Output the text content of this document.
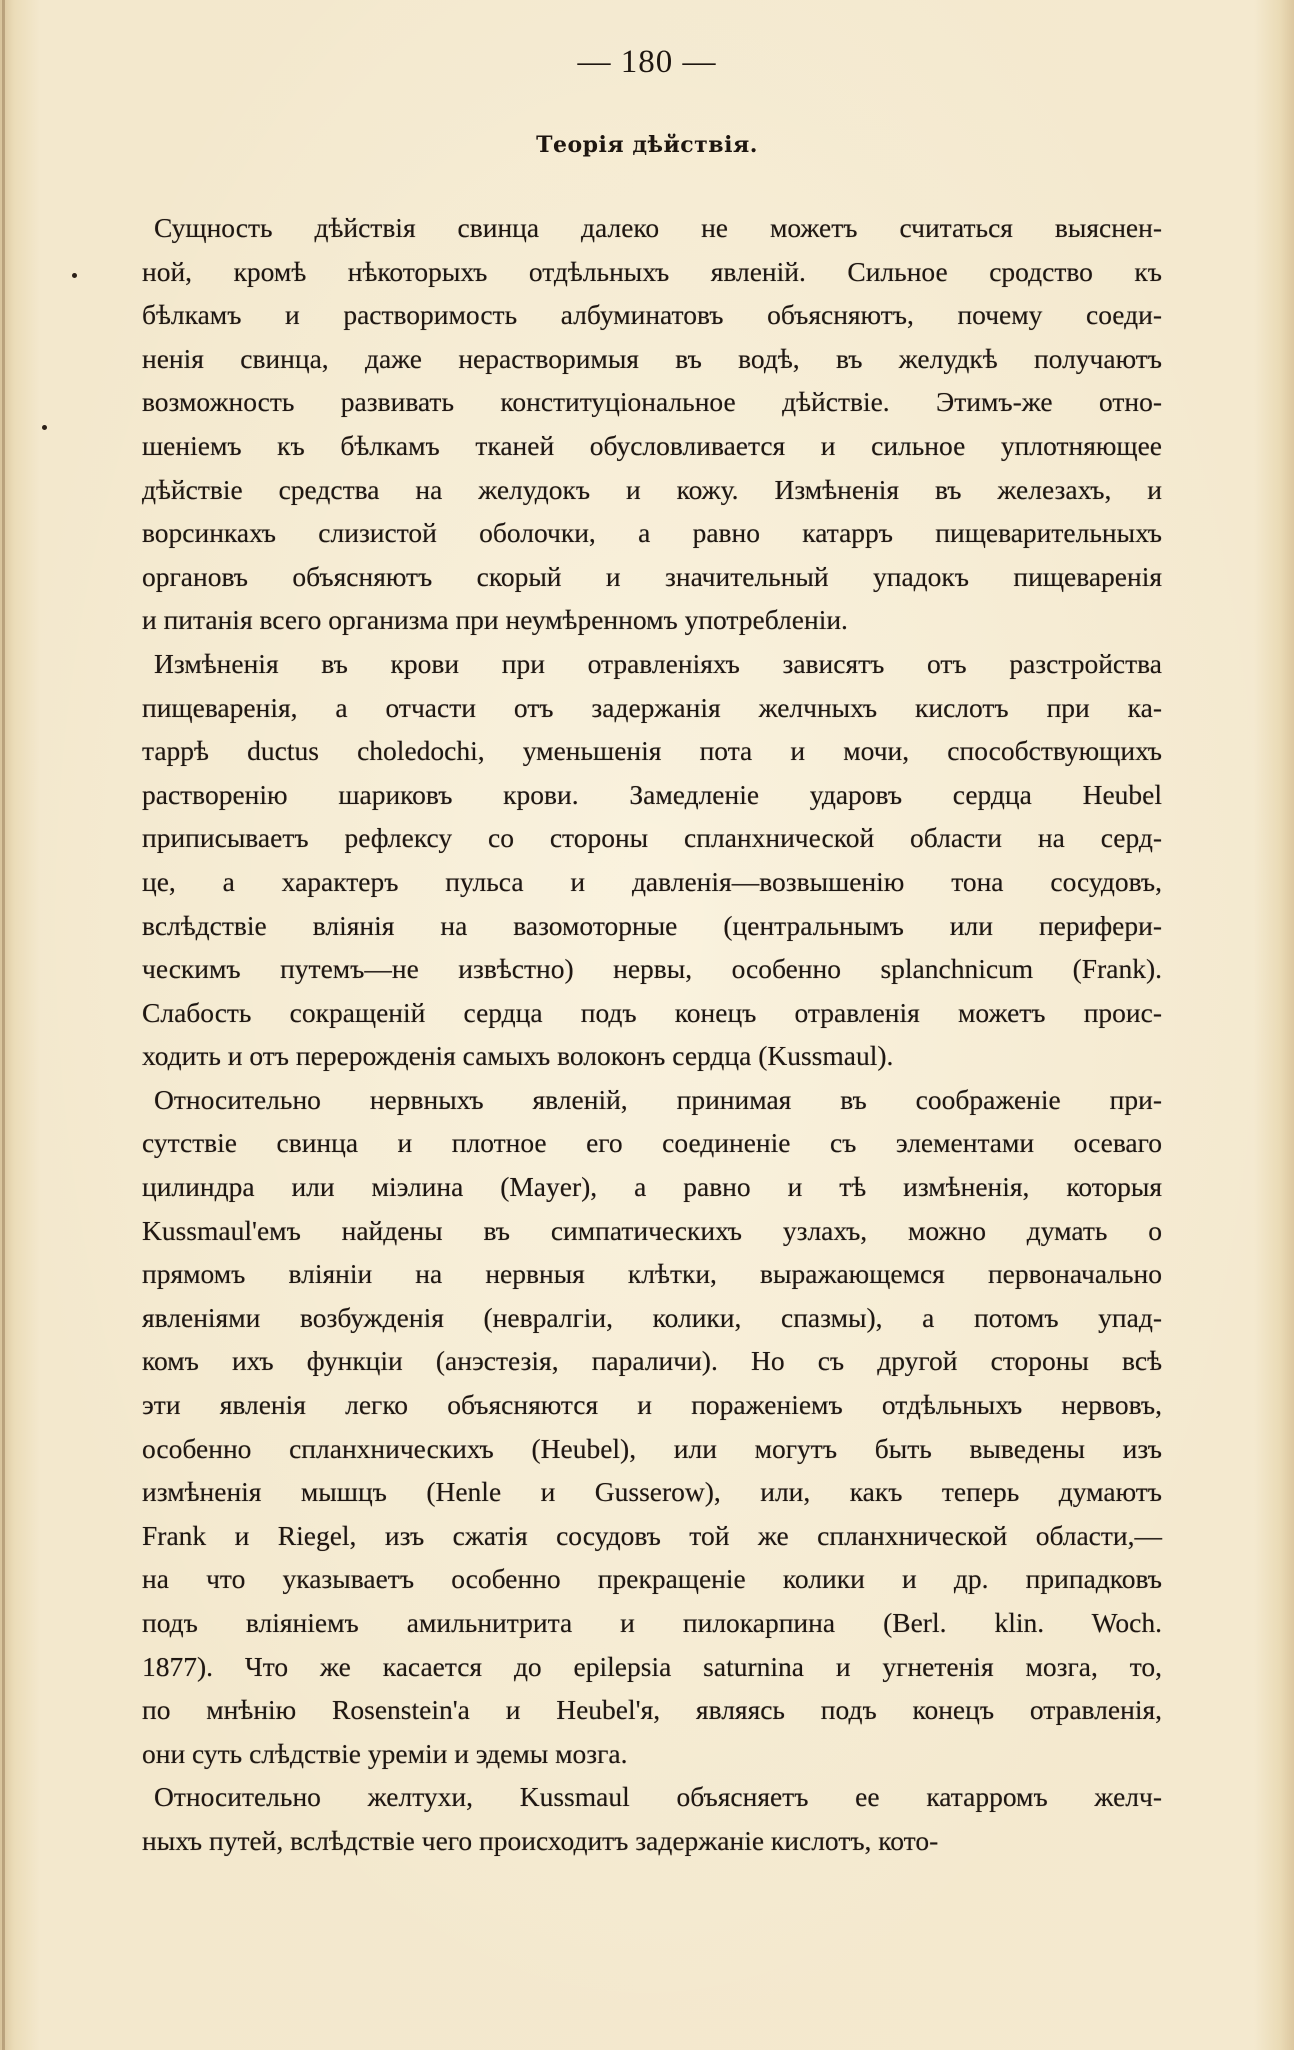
— 180 —
Теорія дѣйствія.
Сущность дѣйствія свинца далеко не можетъ считаться выяснен-
ной, кромѣ нѣкоторыхъ отдѣльныхъ явленій. Сильное сродство къ
бѣлкамъ и растворимость албуминатовъ объясняютъ, почему соеди-
ненія свинца, даже нерастворимыя въ водѣ, въ желудкѣ получаютъ
возможность развивать конституціональное дѣйствіе. Этимъ-же отно-
шеніемъ къ бѣлкамъ тканей обусловливается и сильное уплотняющее
дѣйствіе средства на желудокъ и кожу. Измѣненія въ железахъ, и
ворсинкахъ слизистой оболочки, а равно катарръ пищеварительныхъ
органовъ объясняютъ скорый и значительный упадокъ пищеваренія
и питанія всего организма при неумѣренномъ употребленіи.
Измѣненія въ крови при отравленіяхъ зависятъ отъ разстройства
пищеваренія, а отчасти отъ задержанія желчныхъ кислотъ при ка-
таррѣ ductus choledochi, уменьшенія пота и мочи, способствующихъ
раствоpенію шариковъ крови. Замедленіе ударовъ сердца Heubel
приписываетъ рефлексу со стороны спланхнической области на серд-
це, а характеръ пульса и давленія—возвышенію тона сосудовъ,
вслѣдствіе вліянія на вазомоторные (центральнымъ или перифери-
ческимъ путемъ—не извѣстно) нервы, особенно splanchnicum (Frank).
Слабость сокращеній сердца подъ конецъ отравленія можетъ проис-
ходить и отъ перерожденія самыхъ волоконъ сердца (Kussmaul).
Относительно нервныхъ явленій, принимая въ соображеніе при-
сутствіе свинца и плотное его соединеніе съ элементами осеваго
цилиндра или міэлина (Mayer), а равно и тѣ измѣненія, которыя
Kussmaul'емъ найдены въ симпатическихъ узлахъ, можно думать о
прямомъ вліяніи на нервныя клѣтки, выражающемся первоначально
явленіями возбужденія (невралгіи, колики, спазмы), а потомъ упад-
комъ ихъ функціи (анэстезія, параличи). Но съ другой стороны всѣ
эти явленія легко объясняются и пораженіемъ отдѣльныхъ нервовъ,
особенно спланхническихъ (Heubel), или могутъ быть выведены изъ
измѣненія мышцъ (Henle и Gusserow), или, какъ теперь думаютъ
Frank и Riegel, изъ сжатія сосудовъ той же спланхнической области,—
на что указываетъ особенно прекращеніе колики и др. припадковъ
подъ вліяніемъ амильнитрита и пилокарпина (Berl. klin. Woch.
1877). Что же касается до epilepsia saturnina и угнетенія мозга, то,
по мнѣнію Rosenstein'а и Heubel'я, являясь подъ конецъ отравленія,
они суть слѣдствіе уреміи и эдемы мозга.
Относительно желтухи, Kussmaul объясняетъ ее катарромъ желч-
ныхъ путей, вслѣдствіе чего происходитъ задержаніе кислотъ, кото-
